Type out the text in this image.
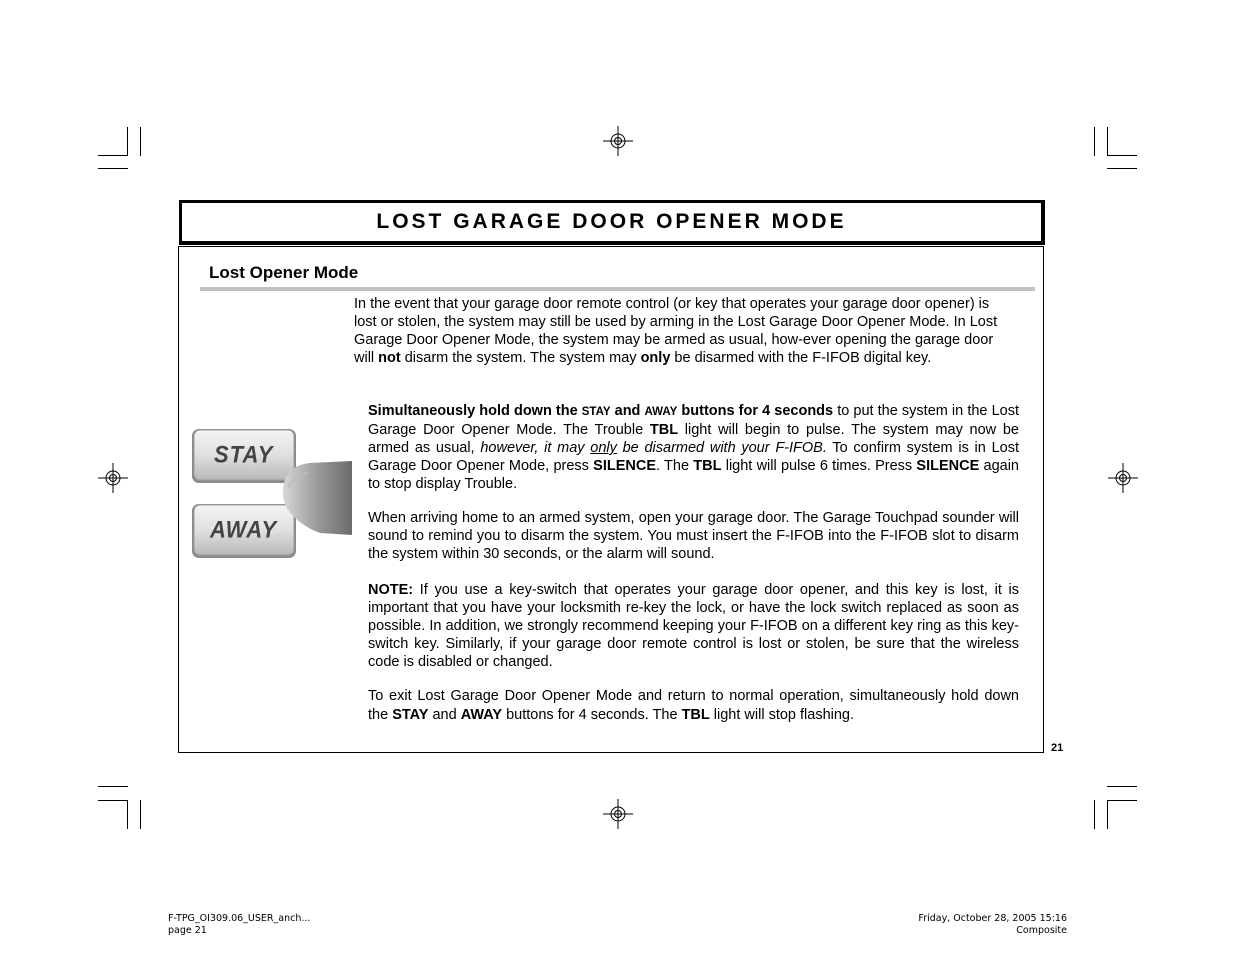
LOST GARAGE DOOR OPENER MODE
Lost Opener Mode
In the event that your garage door remote control (or key that operates your garage door opener) is lost or stolen, the system may still be used by arming in the Lost Garage Door Opener Mode. In Lost Garage Door Opener Mode, the system may be armed as usual, how-ever opening the garage door will not disarm the system. The system may only be disarmed with the F-IFOB digital key.
Simultaneously hold down the STAY and AWAY buttons for 4 seconds to put the system in the Lost Garage Door Opener Mode. The Trouble TBL light will begin to pulse. The system may now be armed as usual, however, it may only be disarmed with your F-IFOB. To confirm system is in Lost Garage Door Opener Mode, press SILENCE. The TBL light will pulse 6 times. Press SILENCE again to stop display Trouble.
When arriving home to an armed system, open your garage door. The Garage Touchpad sounder will sound to remind you to disarm the system. You must insert the F-IFOB into the F-IFOB slot to disarm the system within 30 seconds, or the alarm will sound.
NOTE: If you use a key-switch that operates your garage door opener, and this key is lost, it is important that you have your locksmith re-key the lock, or have the lock switch replaced as soon as possible. In addition, we strongly recommend keeping your F-IFOB on a different key ring as this key-switch key. Similarly, if your garage door remote control is lost or stolen, be sure that the wireless code is disabled or changed.
To exit Lost Garage Door Opener Mode and return to normal operation, simultaneously hold down the STAY and AWAY buttons for 4 seconds. The TBL light will stop flashing.
STAY
AWAY
21
F-TPG_OI309.06_USER_anch...
page 21
Friday, October 28, 2005 15:16
Composite
